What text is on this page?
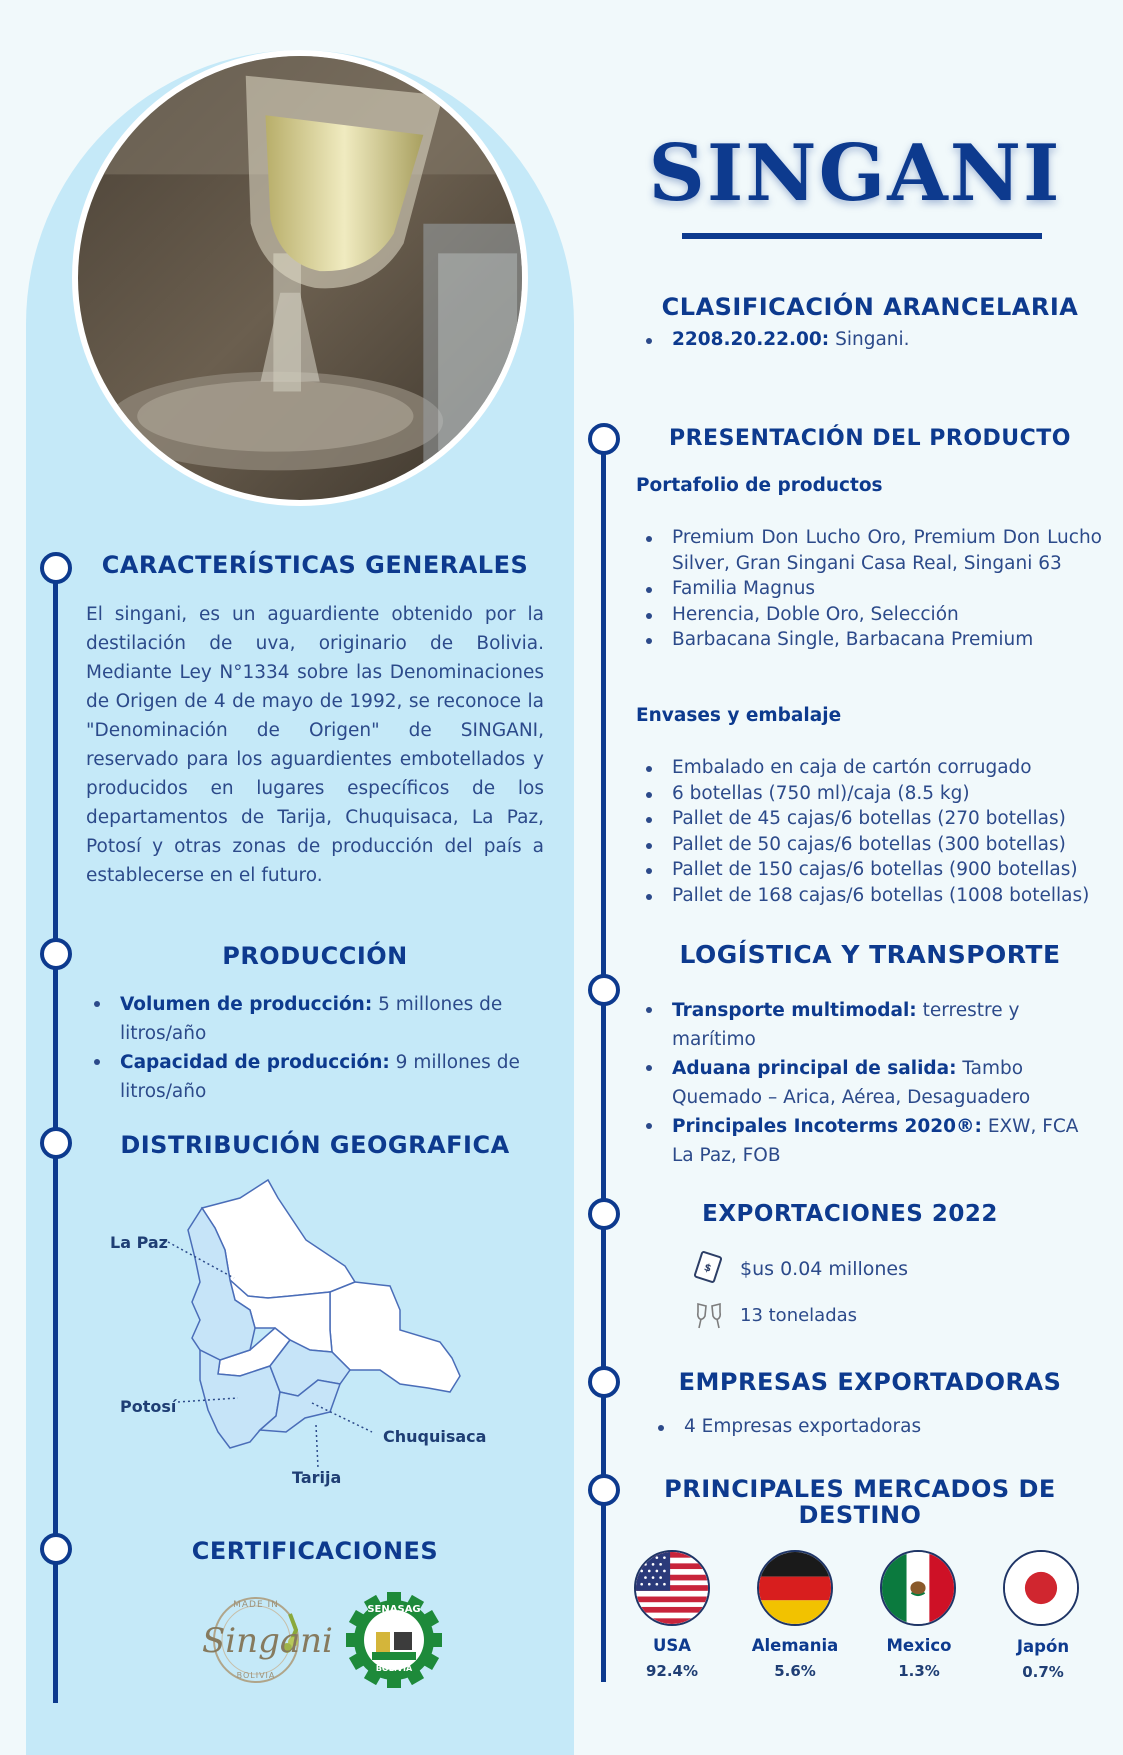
CARACTERÍSTICAS GENERALES
El singani, es un aguardiente obtenido por la destilación de uva, originario de Bolivia. Mediante Ley N°1334 sobre las Denominaciones de Origen de 4 de mayo de 1992, se reconoce la "Denominación de Origen" de SINGANI, reservado para los aguardientes embotellados y producidos en lugares específicos de los departamentos de Tarija, Chuquisaca, La Paz, Potosí y otras zonas de producción del país a establecerse en el futuro.
PRODUCCIÓN
Volumen de producción: 5 millones de litros/año
Capacidad de producción: 9 millones de litros/año
DISTRIBUCIÓN GEOGRAFICA
La Paz
Potosí
Chuquisaca
Tarija
CERTIFICACIONES
MADE IN
Singani
BOLIVIA
SENASAG
BOLIVIA
SINGANI
CLASIFICACIÓN ARANCELARIA
2208.20.22.00: Singani.
PRESENTACIÓN DEL PRODUCTO
Portafolio de productos
Premium Don Lucho Oro, Premium Don Lucho Silver, Gran Singani Casa Real, Singani 63
Familia Magnus
Herencia, Doble Oro, Selección
Barbacana Single, Barbacana Premium
Envases y embalaje
Embalado en caja de cartón corrugado
6 botellas (750 ml)/caja (8.5 kg)
Pallet de 45 cajas/6 botellas (270 botellas)
Pallet de 50 cajas/6 botellas (300 botellas)
Pallet de 150 cajas/6 botellas (900 botellas)
Pallet de 168 cajas/6 botellas (1008 botellas)
LOGÍSTICA Y TRANSPORTE
Transporte multimodal: terrestre y marítimo
Aduana principal de salida: Tambo Quemado – Arica, Aérea, Desaguadero
Principales Incoterms 2020®: EXW, FCA La Paz, FOB
EXPORTACIONES 2022
$ $us 0.04 millones
13 toneladas
EMPRESAS EXPORTADORAS
4 Empresas exportadoras
PRINCIPALES MERCADOS DE
DESTINO
USA
92.4%
Alemania
5.6%
Mexico
1.3%
Japón
0.7%
